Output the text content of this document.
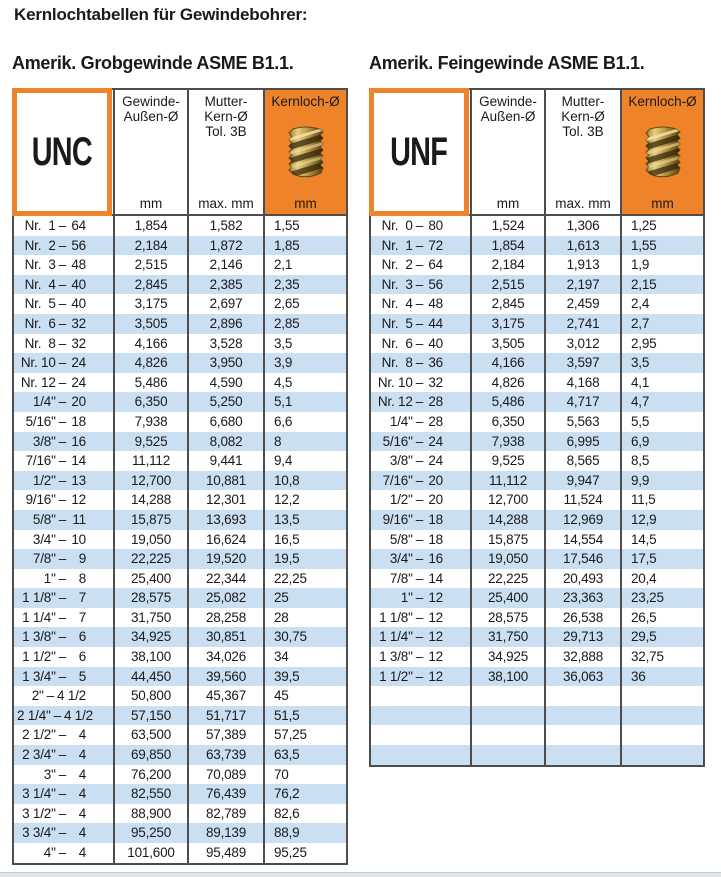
Kernlochtabellen für Gewindebohrer:
Amerik. Grobgewinde ASME B1.1.	Amerik. Feingewinde ASME B1.1.
UNC
Gewinde-
Außen-Ø
mm
Mutter-
Kern-Ø
Tol. 3B
max. mm
Kernloch-Ø
mm
Nr.  1 – 64	1,854	1,582	1,55
Nr.  2 – 56	2,184	1,872	1,85
Nr.  3 – 48	2,515	2,146	2,1
Nr.  4 – 40	2,845	2,385	2,35
Nr.  5 – 40	3,175	2,697	2,65
Nr.  6 – 32	3,505	2,896	2,85
Nr.  8 – 32	4,166	3,528	3,5
Nr. 10 – 24	4,826	3,950	3,9
Nr. 12 – 24	5,486	4,590	4,5
1/4" – 20	6,350	5,250	5,1
5/16" – 18	7,938	6,680	6,6
3/8" – 16	9,525	8,082	8
7/16" – 14	11,112	9,441	9,4
1/2" – 13	12,700	10,881	10,8
9/16" – 12	14,288	12,301	12,2
5/8" – 11	15,875	13,693	13,5
3/4" – 10	19,050	16,624	16,5
7/8" – 9	22,225	19,520	19,5
1" – 8	25,400	22,344	22,25
1 1/8" – 7	28,575	25,082	25
1 1/4" – 7	31,750	28,258	28
1 3/8" – 6	34,925	30,851	30,75
1 1/2" – 6	38,100	34,026	34
1 3/4" – 5	44,450	39,560	39,5
2" – 4 1/2	50,800	45,367	45
2 1/4" – 4 1/2	57,150	51,717	51,5
2 1/2" – 4	63,500	57,389	57,25
2 3/4" – 4	69,850	63,739	63,5
3" – 4	76,200	70,089	70
3 1/4" – 4	82,550	76,439	76,2
3 1/2" – 4	88,900	82,789	82,6
3 3/4" – 4	95,250	89,139	88,9
4" – 4	101,600	95,489	95,25
UNF
Gewinde-
Außen-Ø
mm
Mutter-
Kern-Ø
Tol. 3B
max. mm
Kernloch-Ø
mm
Nr.  0 – 80	1,524	1,306	1,25
Nr.  1 – 72	1,854	1,613	1,55
Nr.  2 – 64	2,184	1,913	1,9
Nr.  3 – 56	2,515	2,197	2,15
Nr.  4 – 48	2,845	2,459	2,4
Nr.  5 – 44	3,175	2,741	2,7
Nr.  6 – 40	3,505	3,012	2,95
Nr.  8 – 36	4,166	3,597	3,5
Nr. 10 – 32	4,826	4,168	4,1
Nr. 12 – 28	5,486	4,717	4,7
1/4" – 28	6,350	5,563	5,5
5/16" – 24	7,938	6,995	6,9
3/8" – 24	9,525	8,565	8,5
7/16" – 20	11,112	9,947	9,9
1/2" – 20	12,700	11,524	11,5
9/16" – 18	14,288	12,969	12,9
5/8" – 18	15,875	14,554	14,5
3/4" – 16	19,050	17,546	17,5
7/8" – 14	22,225	20,493	20,4
1" – 12	25,400	23,363	23,25
1 1/8" – 12	28,575	26,538	26,5
1 1/4" – 12	31,750	29,713	29,5
1 3/8" – 12	34,925	32,888	32,75
1 1/2" – 12	38,100	36,063	36
